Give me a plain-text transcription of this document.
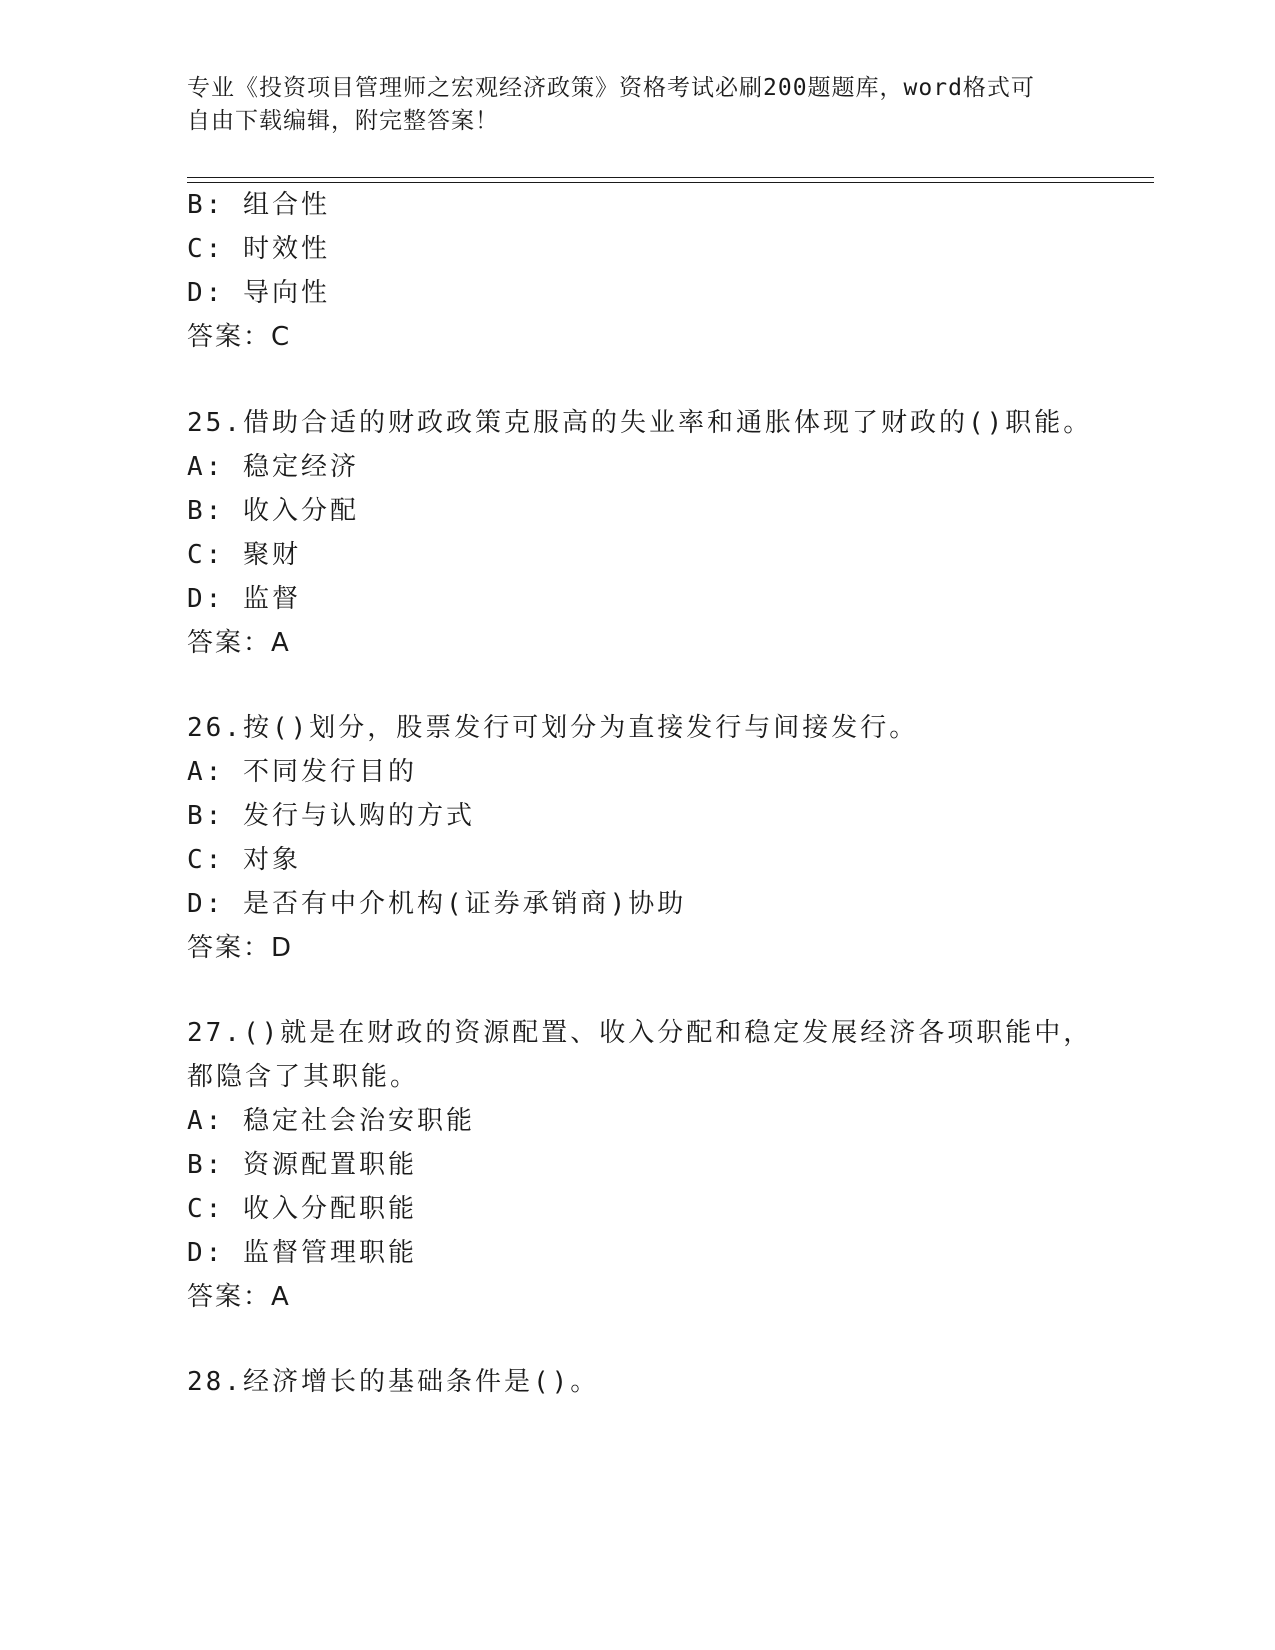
专业《投资项目管理师之宏观经济政策》资格考试必刷200题题库，word格式可
自由下载编辑，附完整答案！
B: 组合性
C: 时效性
D: 导向性
答案：C
25.借助合适的财政政策克服高的失业率和通胀体现了财政的()职能。
A: 稳定经济
B: 收入分配
C: 聚财
D: 监督
答案：A
26.按()划分，股票发行可划分为直接发行与间接发行。
A: 不同发行目的
B: 发行与认购的方式
C: 对象
D: 是否有中介机构(证券承销商)协助
答案：D
27.()就是在财政的资源配置、收入分配和稳定发展经济各项职能中，
都隐含了其职能。
A: 稳定社会治安职能
B: 资源配置职能
C: 收入分配职能
D: 监督管理职能
答案：A
28.经济增长的基础条件是()。
